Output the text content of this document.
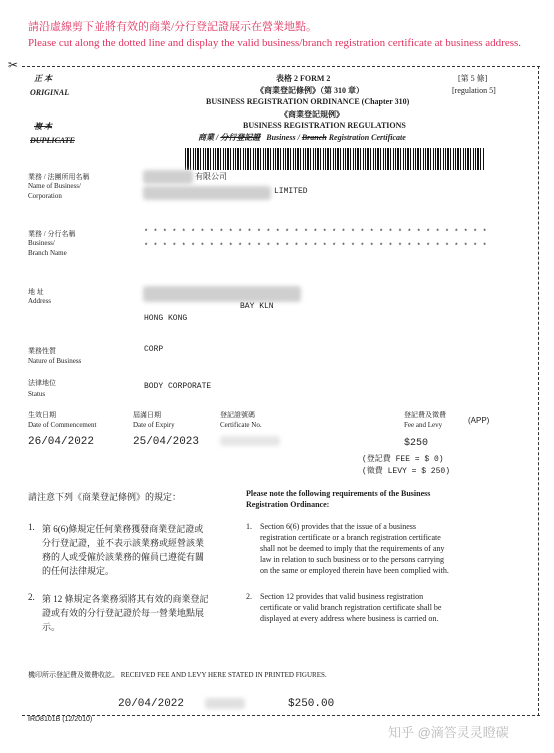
請沿虛線剪下並將有效的商業/分行登記證展示在營業地點。
Please cut along the dotted line and display the valid business/branch registration certificate at business address.
✂
正 本
ORIGINAL
複 本
DUPLICATE
表格 2 FORM 2	[第 5 條]
[regulation 5]
《商業登記條例》（第 310 章）
BUSINESS REGISTRATION ORDINANCE (Chapter 310)
《商業登記規例》
BUSINESS REGISTRATION REGULATIONS
商業 / 分行登記證 Business / Branch Registration Certificate
業務 / 法團所用名稱
Name of Business/
Corporation
有限公司
LIMITED
業務 / 分行名稱
Business/
Branch Name
* * * * * * * * * * * * * * * * * * * * * * * * * * * * * * * * * * * * *
* * * * * * * * * * * * * * * * * * * * * * * * * * * * * * * * * * * * *
地 址
Address
BAY KLN
HONG KONG
業務性質
Nature of Business
CORP
法律地位
Status
BODY CORPORATE
生效日期
Date of Commencement
26/04/2022
屆滿日期
Date of Expiry
25/04/2023
登記證號碼
Certificate No.
登記費及徵費
Fee and Levy	(APP)
$250
(登記費 FEE = $ 0)
(徵費 LEVY = $ 250)
請注意下列《商業登記條例》的規定：	Please note the following requirements of the Business
Registration Ordinance:
1. 第 6(6)條規定任何業務獲發商業登記證或
分行登記證，並不表示該業務或經營該業
務的人或受僱於該業務的僱員已遵從有關
的任何法律規定。
1. Section 6(6) provides that the issue of a business
registration certificate or a branch registration certificate
shall not be deemed to imply that the requirements of any
law in relation to such business or to the persons carrying
on the same or employed therein have been complied with.
2. 第 12 條規定各業務須將其有效的商業登記
證或有效的分行登記證於每一營業地點展
示。
2. Section 12 provides that valid business registration
certificate or valid branch registration certificate shall be
displayed at every address where business is carried on.
機印所示登記費及徵費收訖。 RECEIVED FEE AND LEVY HERE STATED IN PRINTED FIGURES.
20/04/2022	$250.00
IRD8101B (12/2010)
知乎 @滴答灵灵瞪碳
